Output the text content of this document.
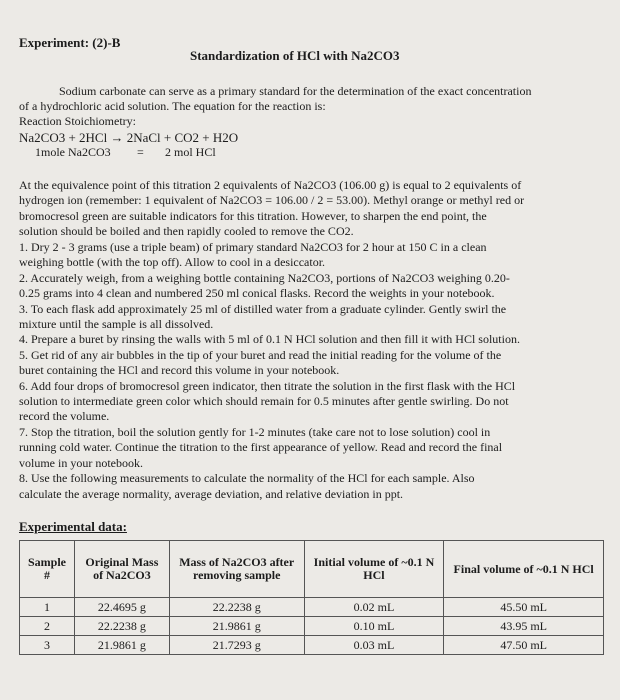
Experiment: (2)-B
Standardization of HCl with Na2CO3
Sodium carbonate can serve as a primary standard for the determination of the exact concentration
of a hydrochloric acid solution. The equation for the reaction is:
Reaction Stoichiometry:
Na2CO3 + 2HCl → 2NaCl + CO2 + H2O
1mole Na2CO3 = 2 mol HCl
At the equivalence point of this titration 2 equivalents of Na2CO3 (106.00 g) is equal to 2 equivalents of
hydrogen ion (remember: 1 equivalent of Na2CO3 = 106.00 / 2 = 53.00). Methyl orange or methyl red or
bromocresol green are suitable indicators for this titration. However, to sharpen the end point, the
solution should be boiled and then rapidly cooled to remove the CO2.
1. Dry 2 - 3 grams (use a triple beam) of primary standard Na2CO3 for 2 hour at 150 C in a clean
weighing bottle (with the top off). Allow to cool in a desiccator.
2. Accurately weigh, from a weighing bottle containing Na2CO3, portions of Na2CO3 weighing 0.20-
0.25 grams into 4 clean and numbered 250 ml conical flasks. Record the weights in your notebook.
3. To each flask add approximately 25 ml of distilled water from a graduate cylinder. Gently swirl the
mixture until the sample is all dissolved.
4. Prepare a buret by rinsing the walls with 5 ml of 0.1 N HCl solution and then fill it with HCl solution.
5. Get rid of any air bubbles in the tip of your buret and read the initial reading for the volume of the
buret containing the HCl and record this volume in your notebook.
6. Add four drops of bromocresol green indicator, then titrate the solution in the first flask with the HCl
solution to intermediate green color which should remain for 0.5 minutes after gentle swirling. Do not
record the volume.
7. Stop the titration, boil the solution gently for 1-2 minutes (take care not to lose solution) cool in
running cold water. Continue the titration to the first appearance of yellow. Read and record the final
volume in your notebook.
8. Use the following measurements to calculate the normality of the HCl for each sample. Also
calculate the average normality, average deviation, and relative deviation in ppt.
Experimental data:
Sample #	Original Mass of Na2CO3	Mass of Na2CO3 after removing sample	Initial volume of ~0.1 N HCl	Final volume of ~0.1 N HCl
1	22.4695 g	22.2238 g	0.02 mL	45.50 mL
2	22.2238 g	21.9861 g	0.10 mL	43.95 mL
3	21.9861 g	21.7293 g	0.03 mL	47.50 mL
